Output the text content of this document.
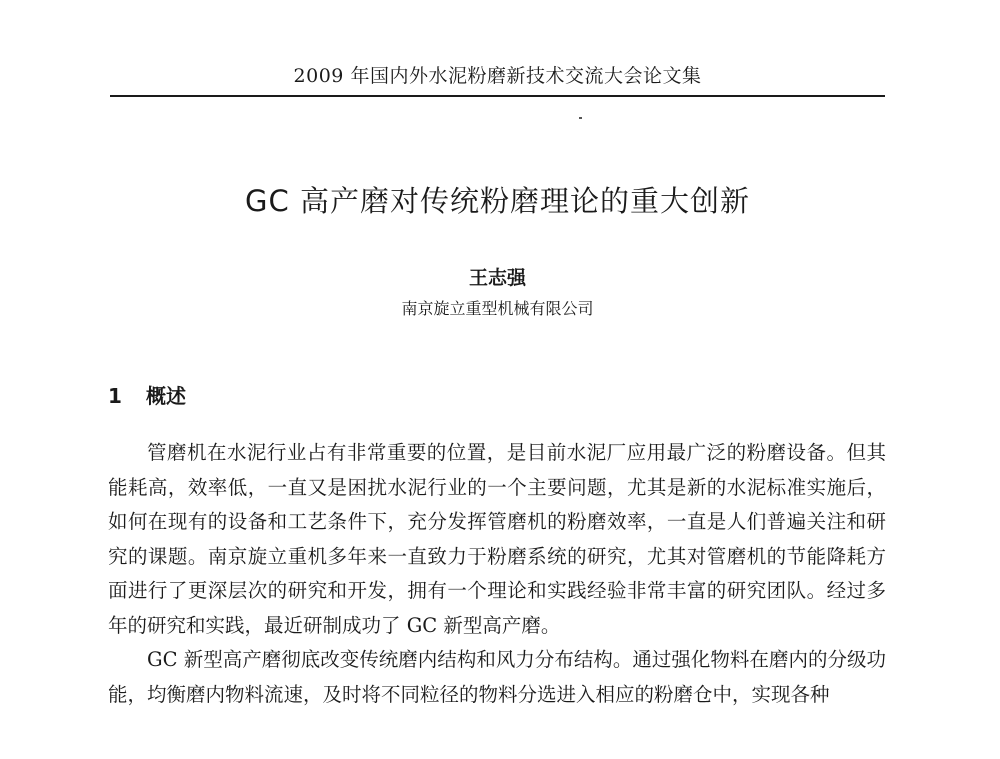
2009 年国内外水泥粉磨新技术交流大会论文集
GC 高产磨对传统粉磨理论的重大创新
王志强
南京旋立重型机械有限公司
1 概述

管磨机在水泥行业占有非常重要的位置，是目前水泥厂应用最广泛的粉磨设备。但其能耗高，效率低，一直又是困扰水泥行业的一个主要问题，尤其是新的水泥标准实施后，如何在现有的设备和工艺条件下，充分发挥管磨机的粉磨效率，一直是人们普遍关注和研究的课题。南京旋立重机多年来一直致力于粉磨系统的研究，尤其对管磨机的节能降耗方面进行了更深层次的研究和开发，拥有一个理论和实践经验非常丰富的研究团队。经过多年的研究和实践，最近研制成功了 GC 新型高产磨。

GC 新型高产磨彻底改变传统磨内结构和风力分布结构。通过强化物料在磨内的分级功能，均衡磨内物料流速，及时将不同粒径的物料分选进入相应的粉磨仓中，实现各种
